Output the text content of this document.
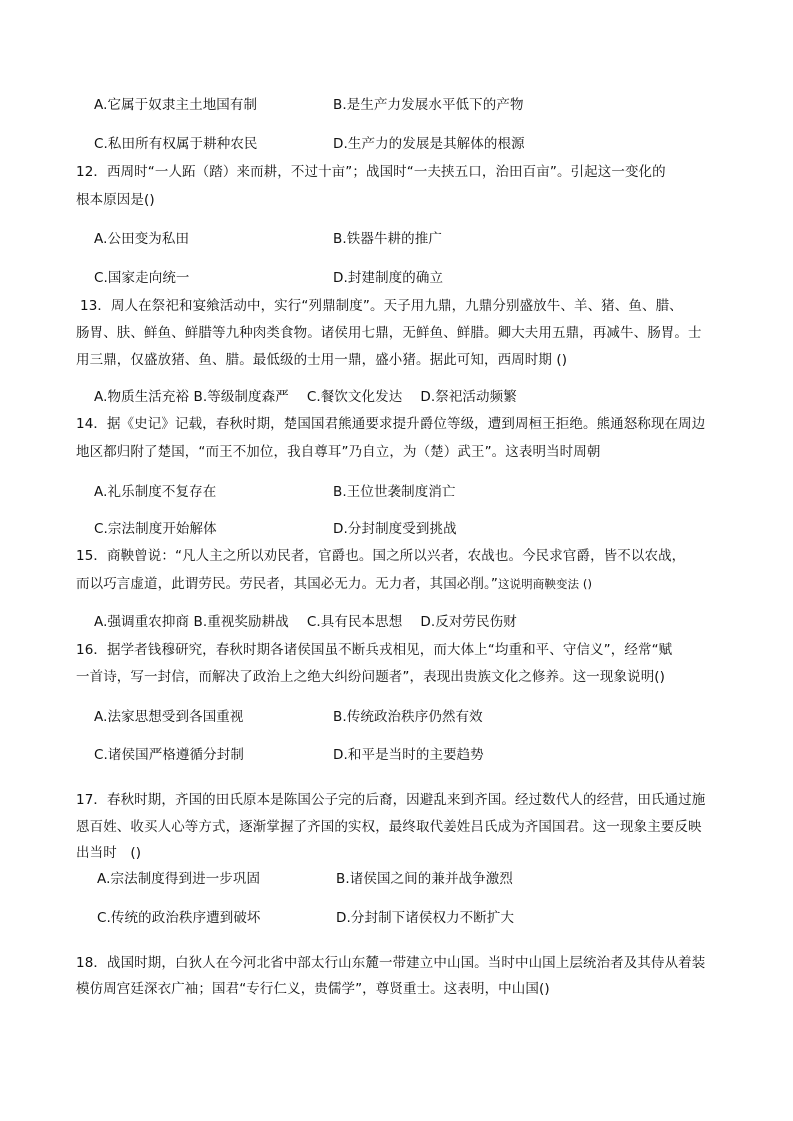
A.它属于奴隶主土地国有制	B.是生产力发展水平低下的产物
C.私田所有权属于耕种农民	D.生产力的发展是其解体的根源
12．西周时“一人跖（踏）来而耕，不过十亩”；战国时“一夫挟五口，治田百亩”。引起这一变化的
根本原因是()
A.公田变为私田	B.铁器牛耕的推广
C.国家走向统一	D.封建制度的确立
13．周人在祭祀和宴飨活动中，实行“列鼎制度”。天子用九鼎，九鼎分别盛放牛、羊、猪、鱼、腊、
肠胃、肤、鲜鱼、鲜腊等九种肉类食物。诸侯用七鼎，无鲜鱼、鲜腊。卿大夫用五鼎，再减牛、肠胃。士
用三鼎，仅盛放猪、鱼、腊。最低级的士用一鼎，盛小猪。据此可知，西周时期 ()
A.物质生活充裕 B.等级制度森严　 C.餐饮文化发达　 D.祭祀活动频繁
14．据《史记》记载，春秋时期，楚国国君熊通要求提升爵位等级，遭到周桓王拒绝。熊通怒称现在周边
地区都归附了楚国，“而王不加位，我自尊耳”乃自立，为（楚）武王”。这表明当时周朝
A.礼乐制度不复存在	B.王位世袭制度消亡
C.宗法制度开始解体	D.分封制度受到挑战
15．商鞅曾说：“凡人主之所以劝民者，官爵也。国之所以兴者，农战也。今民求官爵，皆不以农战，
而以巧言虚道，此谓劳民。劳民者，其国必无力。无力者，其国必削。”这说明商鞅变法 ()
A.强调重农抑商 B.重视奖励耕战　 C.具有民本思想　 D.反对劳民伤财
16．据学者钱穆研究，春秋时期各诸侯国虽不断兵戎相见，而大体上“均重和平、守信义”，经常“赋
一首诗，写一封信，而解决了政治上之绝大纠纷问题者”，表现出贵族文化之修养。这一现象说明()
A.法家思想受到各国重视	B.传统政治秩序仍然有效
C.诸侯国严格遵循分封制	D.和平是当时的主要趋势
17．春秋时期，齐国的田氏原本是陈国公子完的后裔，因避乱来到齐国。经过数代人的经营，田氏通过施
恩百姓、收买人心等方式，逐渐掌握了齐国的实权，最终取代姜姓吕氏成为齐国国君。这一现象主要反映
出当时　()
A.宗法制度得到进一步巩固	B.诸侯国之间的兼并战争激烈
C.传统的政治秩序遭到破坏	D.分封制下诸侯权力不断扩大
18．战国时期，白狄人在今河北省中部太行山东麓一带建立中山国。当时中山国上层统治者及其侍从着装
模仿周宫廷深衣广袖；国君“专行仁义，贵儒学”，尊贤重士。这表明，中山国()
